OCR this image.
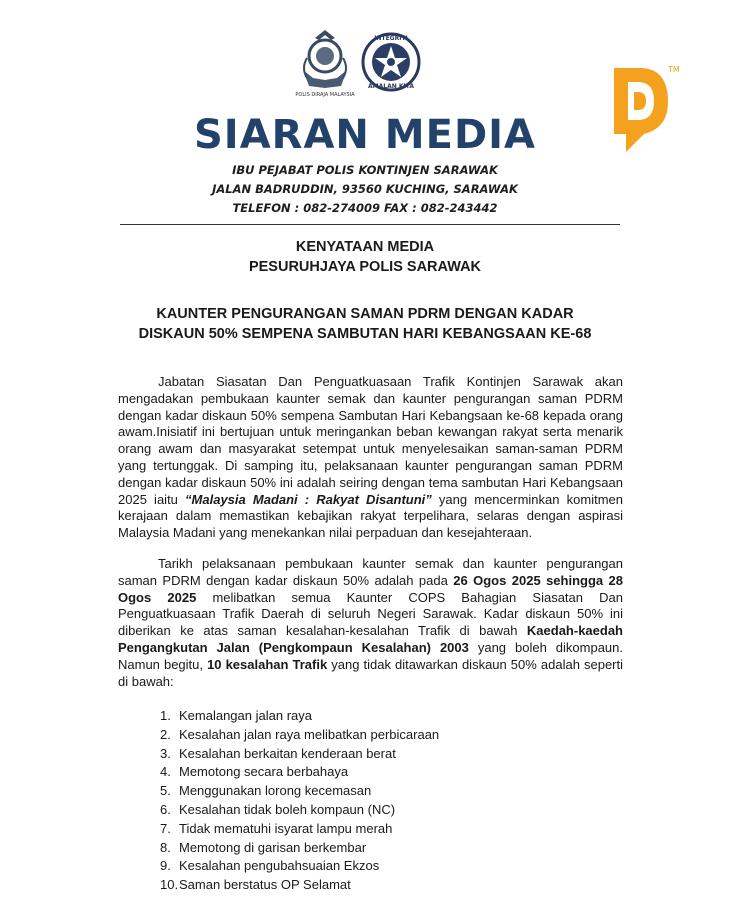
POLIS DIRAJA MALAYSIA
INTEGRITI
AMALAN KITA
TM
SIARAN MEDIA
IBU PEJABAT POLIS KONTINJEN SARAWAK
JALAN BADRUDDIN, 93560 KUCHING, SARAWAK
TELEFON : 082-274009 FAX : 082-243442
KENYATAAN MEDIA
PESURUHJAYA POLIS SARAWAK
KAUNTER PENGURANGAN SAMAN PDRM DENGAN KADAR
DISKAUN 50% SEMPENA SAMBUTAN HARI KEBANGSAAN KE-68

Jabatan Siasatan Dan Penguatkuasaan Trafik Kontinjen Sarawak akan mengadakan pembukaan kaunter semak dan kaunter pengurangan saman PDRM dengan kadar diskaun 50% sempena Sambutan Hari Kebangsaan ke-68 kepada orang awam.Inisiatif ini bertujuan untuk meringankan beban kewangan rakyat serta menarik orang awam dan masyarakat setempat untuk menyelesaikan saman-saman PDRM yang tertunggak. Di samping itu, pelaksanaan kaunter pengurangan saman PDRM dengan kadar diskaun 50% ini adalah seiring dengan tema sambutan Hari Kebangsaan 2025 iaitu “Malaysia Madani : Rakyat Disantuni” yang mencerminkan komitmen kerajaan dalam memastikan kebajikan rakyat terpelihara, selaras dengan aspirasi Malaysia Madani yang menekankan nilai perpaduan dan kesejahteraan.

Tarikh pelaksanaan pembukaan kaunter semak dan kaunter pengurangan saman PDRM dengan kadar diskaun 50% adalah pada 26 Ogos 2025 sehingga 28 Ogos 2025 melibatkan semua Kaunter COPS Bahagian Siasatan Dan Penguatkuasaan Trafik Daerah di seluruh Negeri Sarawak. Kadar diskaun 50% ini diberikan ke atas saman kesalahan-kesalahan Trafik di bawah Kaedah-kaedah Pengangkutan Jalan (Pengkompaun Kesalahan) 2003 yang boleh dikompaun. Namun begitu, 10 kesalahan Trafik yang tidak ditawarkan diskaun 50% adalah seperti di bawah:

1. Kemalangan jalan raya
2. Kesalahan jalan raya melibatkan perbicaraan
3. Kesalahan berkaitan kenderaan berat
4. Memotong secara berbahaya
5. Menggunakan lorong kecemasan
6. Kesalahan tidak boleh kompaun (NC)
7. Tidak mematuhi isyarat lampu merah
8. Memotong di garisan berkembar
9. Kesalahan pengubahsuaian Ekzos
10.Saman berstatus OP Selamat
